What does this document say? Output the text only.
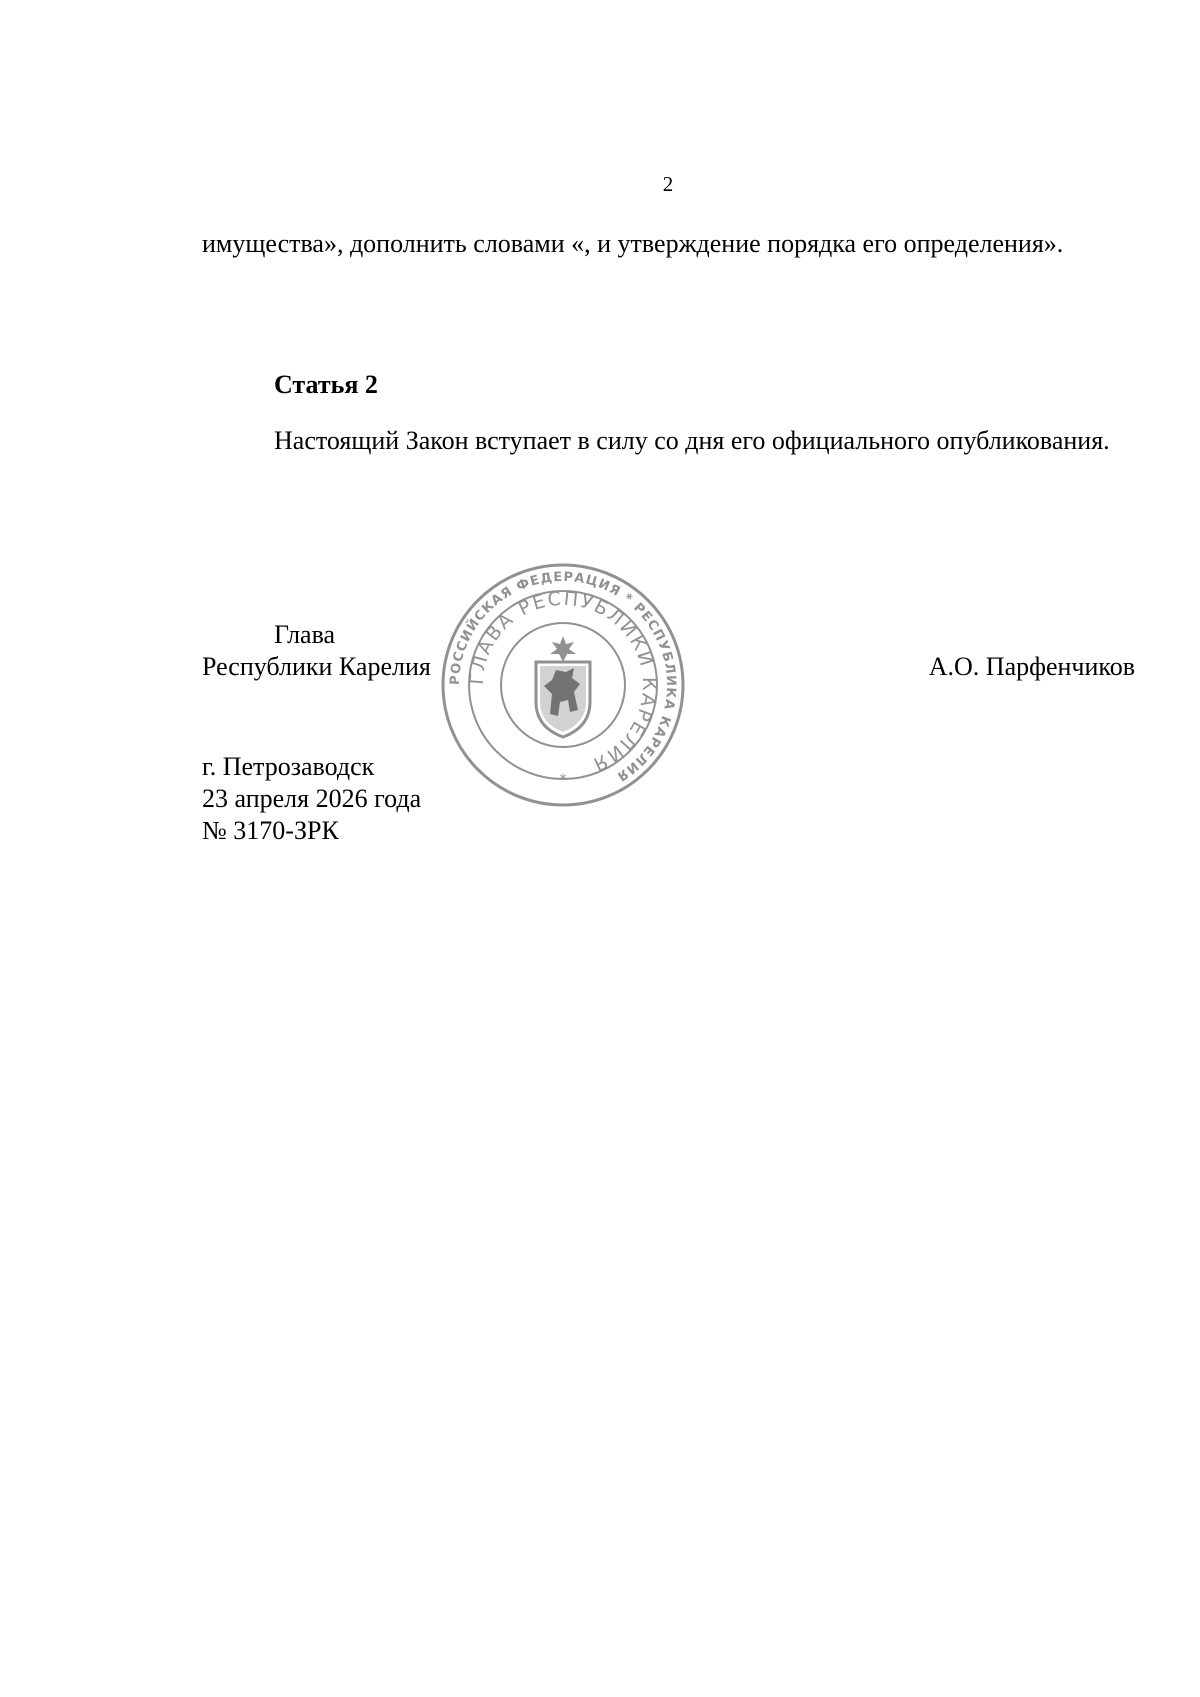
2

имущества», дополнить словами «, и утверждение порядка его определения».

Статья 2

Настоящий Закон вступает в силу со дня его официального опубликования.

Глава
Республики Карелия	А.О. Парфенчиков
РОССИЙСКАЯ ФЕДЕРАЦИЯ * РЕСПУБЛИКА КАРЕЛИЯ
ГЛАВА РЕСПУБЛИКИ КАРЕЛИЯ
*
г. Петрозаводск
23 апреля 2026 года
№ 3170-ЗРК
